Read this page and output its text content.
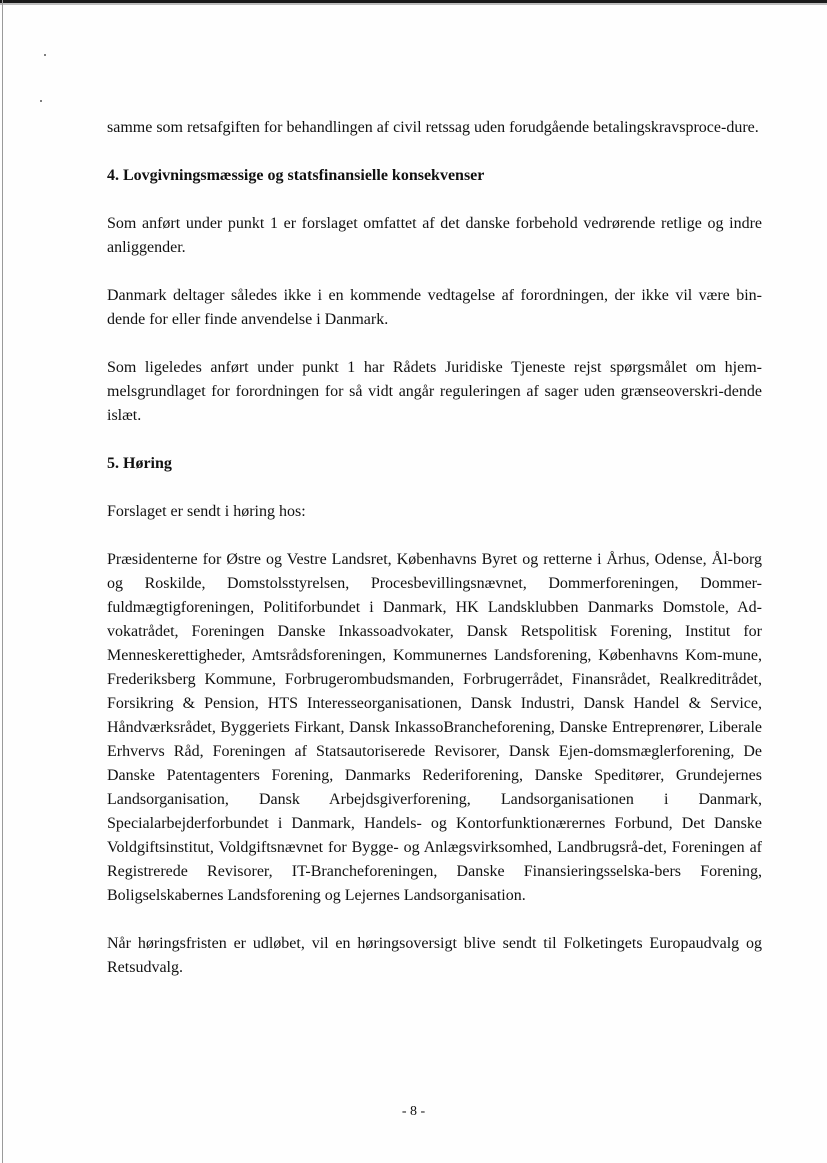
samme som retsafgiften for behandlingen af civil retssag uden forudgående betalingskravsproce-dure.

4. Lovgivningsmæssige og statsfinansielle konsekvenser

Som anført under punkt 1 er forslaget omfattet af det danske forbehold vedrørende retlige og indre anliggender.

Danmark deltager således ikke i en kommende vedtagelse af forordningen, der ikke vil være bin-dende for eller finde anvendelse i Danmark.

Som ligeledes anført under punkt 1 har Rådets Juridiske Tjeneste rejst spørgsmålet om hjem-melsgrundlaget for forordningen for så vidt angår reguleringen af sager uden grænseoverskri-dende islæt.

5. Høring

Forslaget er sendt i høring hos:

Præsidenterne for Østre og Vestre Landsret, Københavns Byret og retterne i Århus, Odense, Ål-borg og Roskilde, Domstolsstyrelsen, Procesbevillingsnævnet, Dommerforeningen, Dommer-fuldmægtigforeningen, Politiforbundet i Danmark, HK Landsklubben Danmarks Domstole, Ad-vokatrådet, Foreningen Danske Inkassoadvokater, Dansk Retspolitisk Forening, Institut for Menneskerettigheder, Amtsrådsforeningen, Kommunernes Landsforening, Københavns Kom-mune, Frederiksberg Kommune, Forbrugerombudsmanden, Forbrugerrådet, Finansrådet, Realkreditrådet, Forsikring & Pension, HTS Interesseorganisationen, Dansk Industri, Dansk Handel & Service, Håndværksrådet, Byggeriets Firkant, Dansk InkassoBrancheforening, Danske Entreprenører, Liberale Erhvervs Råd, Foreningen af Statsautoriserede Revisorer, Dansk Ejen-domsmæglerforening, De Danske Patentagenters Forening, Danmarks Rederiforening, Danske Speditører, Grundejernes Landsorganisation, Dansk Arbejdsgiverforening, Landsorganisationen i Danmark, Specialarbejderforbundet i Danmark, Handels- og Kontorfunktionærernes Forbund, Det Danske Voldgiftsinstitut, Voldgiftsnævnet for Bygge- og Anlægsvirksomhed, Landbrugsrå-det, Foreningen af Registrerede Revisorer, IT-Brancheforeningen, Danske Finansieringsselska-bers Forening, Boligselskabernes Landsforening og Lejernes Landsorganisation.

Når høringsfristen er udløbet, vil en høringsoversigt blive sendt til Folketingets Europaudvalg og Retsudvalg.

- 8 -
